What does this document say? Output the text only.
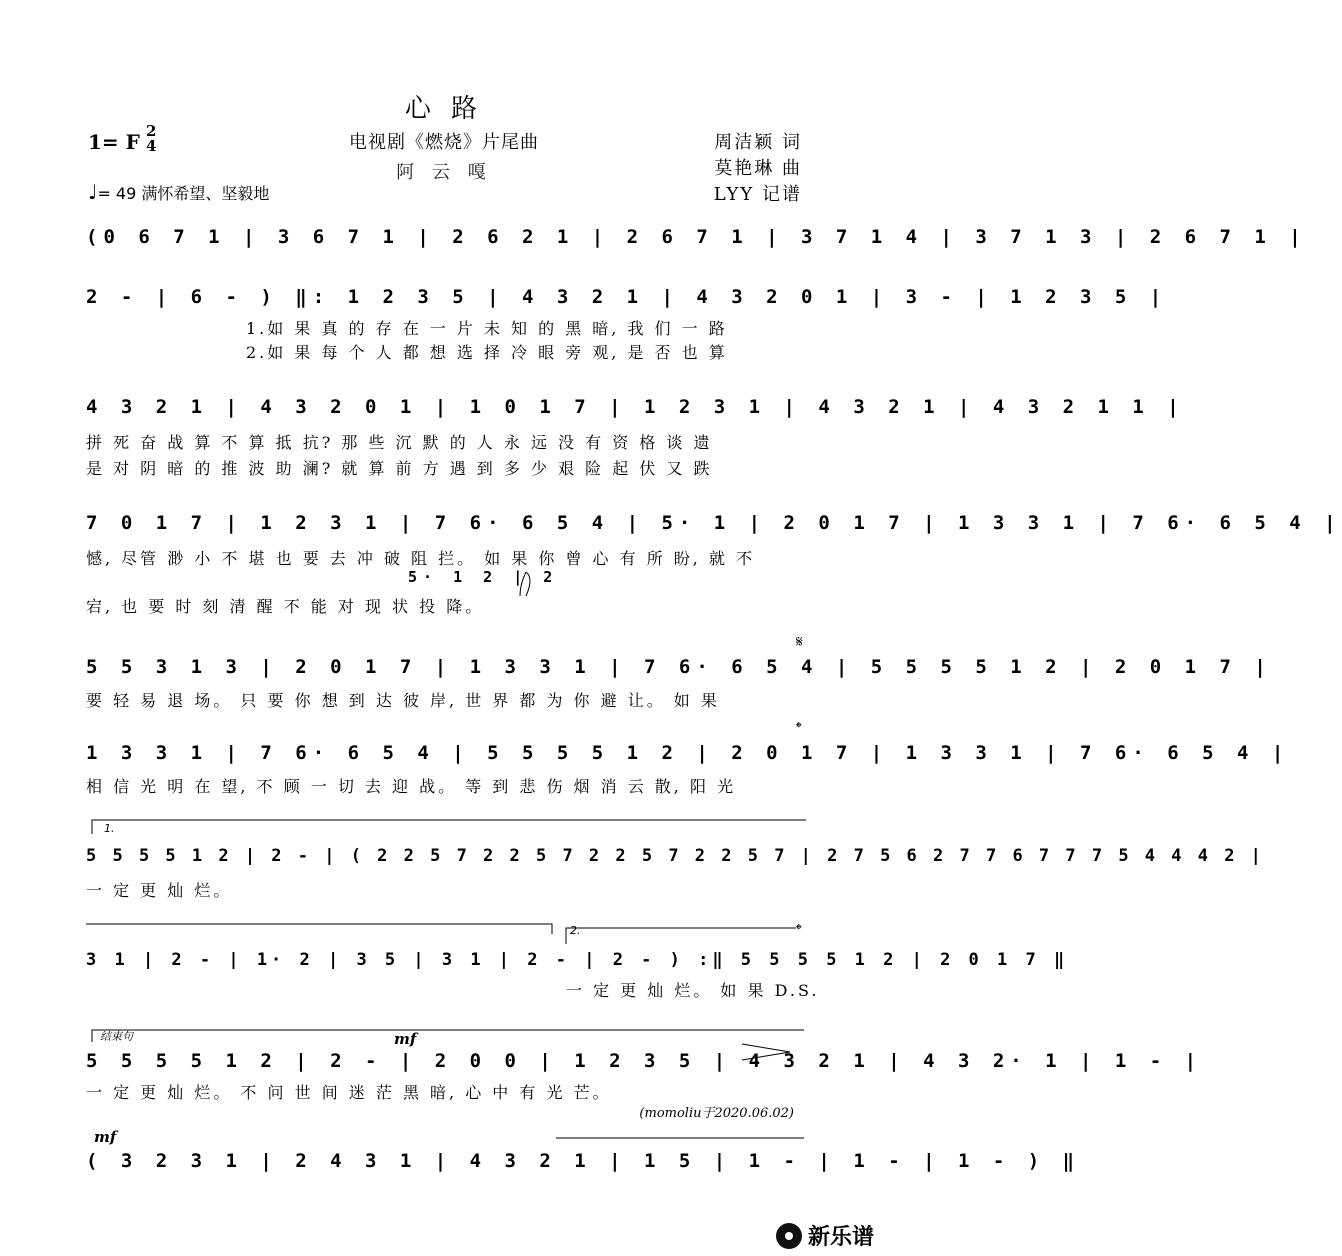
心 路
1= F 2
4	电视剧《燃烧》片尾曲
阿 云 嘎
周洁颖 词
莫艳琳 曲
LYY 记谱
♩= 49 满怀希望、坚毅地
(0 6 7 1 | 3 6 7 1 | 2 6 2 1 | 2 6 7 1 | 3 7 1 4 | 3 7 1 3 | 2 6 7 1 |
2 - | 6 - ) ‖: 1 2 3 5 | 4 3 2 1 | 4 3 2 0 1 | 3 - | 1 2 3 5 |
1.如 果 真 的 存 在 一 片 未 知 的 黑 暗, 我 们 一 路
2.如 果 每 个 人 都 想 选 择 冷 眼 旁 观, 是 否 也 算
4 3 2 1 | 4 3 2 0 1 | 1 0 1 7 | 1 2 3 1 | 4 3 2 1 | 4 3 2 1 1 |
拼 死 奋 战 算 不 算 抵 抗? 那 些 沉 默 的 人 永 远 没 有 资 格 谈 遗
是 对 阴 暗 的 推 波 助 澜? 就 算 前 方 遇 到 多 少 艰 险 起 伏 又 跌
7 0 1 7 | 1 2 3 1 | 7 6· 6 5 4 | 5· 1 | 2 0 1 7 | 1 3 3 1 | 7 6· 6 5 4 |
憾, 尽管 渺 小 不 堪 也 要 去 冲 破 阻 拦。 如 果 你 曾 心 有 所 盼, 就 不
5· 1 2 | 2
宕, 也 要 时 刻 清 醒 不 能 对 现 状 投 降。
𝄋
5 5 3 1 3 | 2 0 1 7 | 1 3 3 1 | 7 6· 6 5 4 | 5 5 5 5 1 2 | 2 0 1 7 |
要 轻 易 退 场。 只 要 你 想 到 达 彼 岸, 世 界 都 为 你 避 让。 如 果
𝄌
1 3 3 1 | 7 6· 6 5 4 | 5 5 5 5 1 2 | 2 0 1 7 | 1 3 3 1 | 7 6· 6 5 4 |
相 信 光 明 在 望, 不 顾 一 切 去 迎 战。 等 到 悲 伤 烟 消 云 散, 阳 光
1.
5 5 5 5 1 2 | 2 - | ( 2 2 5 7 2 2 5 7 2 2 5 7 2 2 5 7 | 2 7 5 6 2 7 7 6 7 7 7 5 4 4 4 2 |
一 定 更 灿 烂。
2.	𝄌
3 1 | 2 - | 1· 2 | 3 5 | 3 1 | 2 - | 2 - ) :‖ 5 5 5 5 1 2 | 2 0 1 7 ‖
一 定 更 灿 烂。 如 果 D.S.
结束句	mf
5 5 5 5 1 2 | 2 - | 2 0 0 | 1 2 3 5 | 4 3 2 1 | 4 3 2· 1 | 1 - |
一 定 更 灿 烂。 不 问 世 间 迷 茫 黑 暗, 心 中 有 光 芒。
(momoliu于2020.06.02)
mf
( 3 2 3 1 | 2 4 3 1 | 4 3 2 1 | 1 5 | 1 - | 1 - | 1 - ) ‖
♪
新乐谱
